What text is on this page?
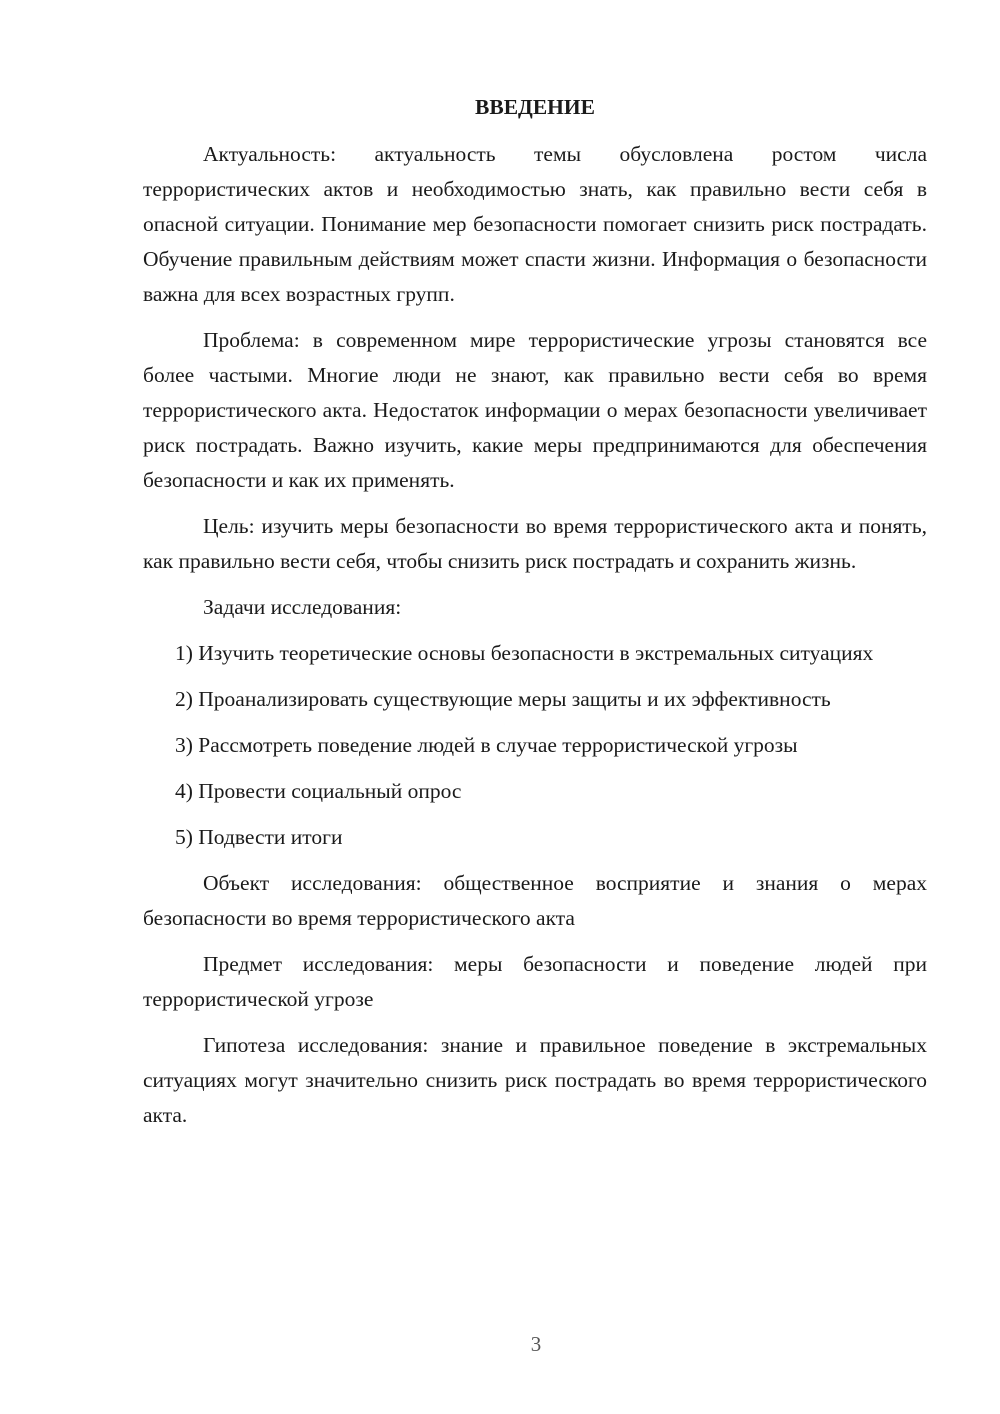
ВВЕДЕНИЕ

Актуальность: актуальность темы обусловлена ростом числа террористических актов и необходимостью знать, как правильно вести себя в опасной ситуации. Понимание мер безопасности помогает снизить риск пострадать. Обучение правильным действиям может спасти жизни. Информация о безопасности важна для всех возрастных групп.

Проблема: в современном мире террористические угрозы становятся все более частыми. Многие люди не знают, как правильно вести себя во время террористического акта. Недостаток информации о мерах безопасности увеличивает риск пострадать. Важно изучить, какие меры предпринимаются для обеспечения безопасности и как их применять.

Цель: изучить меры безопасности во время террористического акта и понять, как правильно вести себя, чтобы снизить риск пострадать и сохранить жизнь.

Задачи исследования:

1) Изучить теоретические основы безопасности в экстремальных ситуациях

2) Проанализировать существующие меры защиты и их эффективность

3) Рассмотреть поведение людей в случае террористической угрозы

4) Провести социальный опрос

5) Подвести итоги

Объект исследования: общественное восприятие и знания о мерах безопасности во время террористического акта

Предмет исследования: меры безопасности и поведение людей при террористической угрозе

Гипотеза исследования: знание и правильное поведение в экстремальных ситуациях могут значительно снизить риск пострадать во время террористического акта.

3
